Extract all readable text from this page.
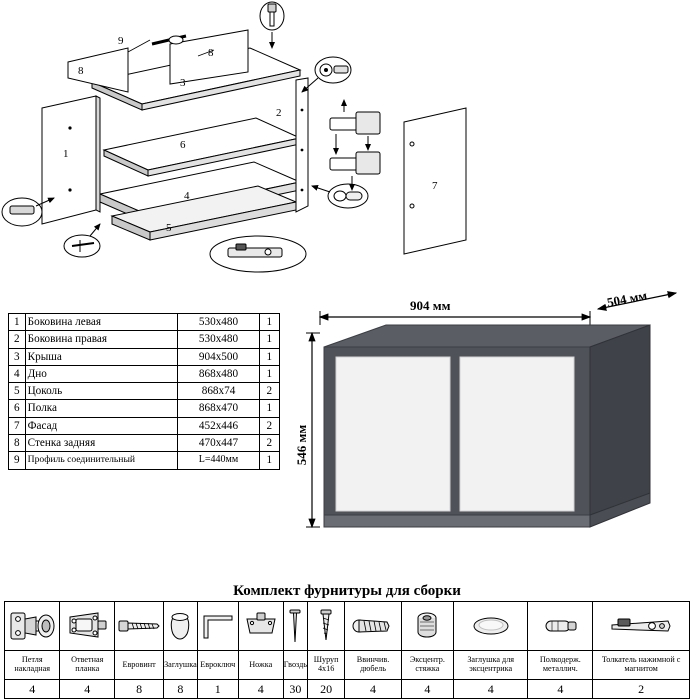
9
8
3
8
2
1
6
4
5
7
1	Боковина левая	530х480	1
2	Боковина правая	530х480	1
3	Крыша	904х500	1
4	Дно	868х480	1
5	Цоколь	868х74	2
6	Полка	868х470	1
7	Фасад	452х446	2
8	Стенка задняя	470х447	2
9	Профиль соединительный	L=440мм	1
904 мм	504 мм
546 мм
Комплект фурнитуры для сборки

Петля накладная	Ответная планка	Евровинт	Заглушка	Евроключ	Ножка	Гвоздь	Шуруп 4х16	Ввинчив. дюбель	Эксцентр. стяжка	Заглушка для эксцентрика	Полкодерж. металлич.	Толкатель нажимной с магнитом
4	4	8	8	1	4	30	20	4	4	4	4	2
